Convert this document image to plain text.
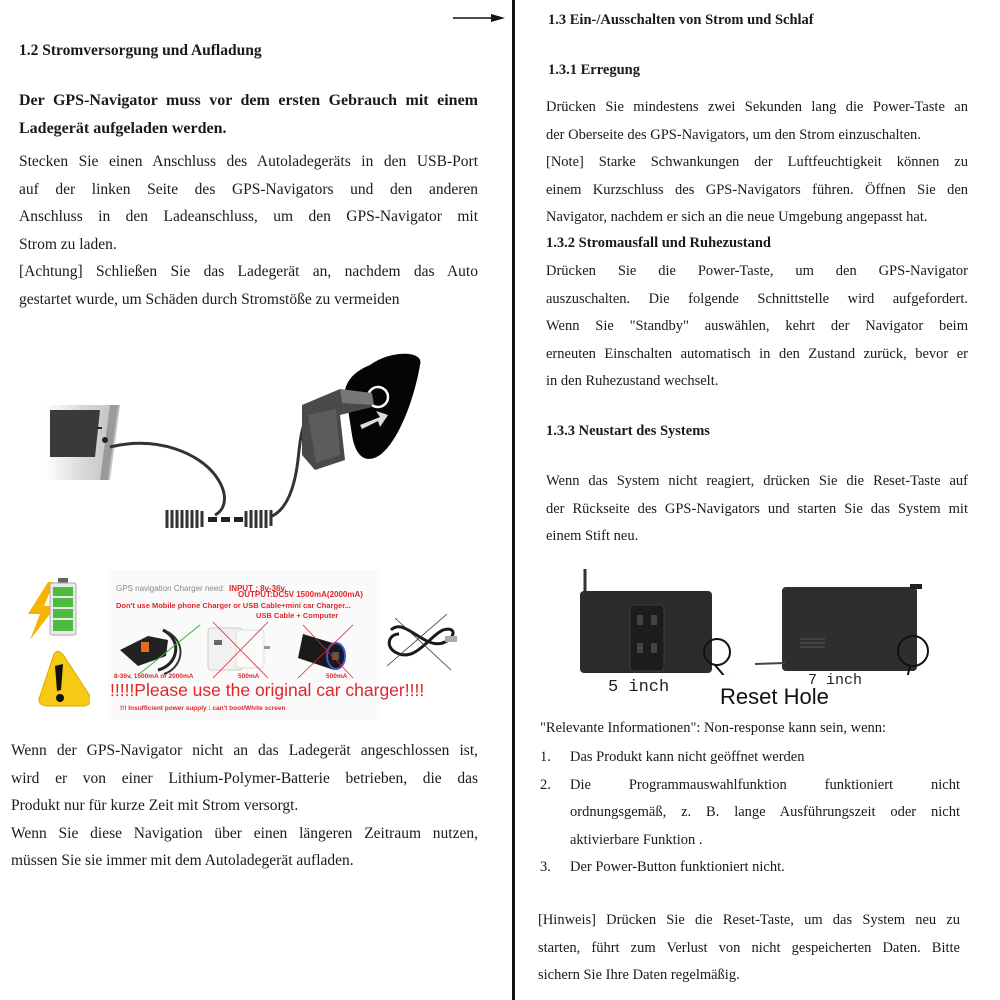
1.2 Stromversorgung und Aufladung
Der GPS-Navigator muss vor dem ersten Gebrauch mit einem
Ladegerät aufgeladen werden.
Stecken Sie einen Anschluss des Autoladegeräts in den USB-Port
auf der linken Seite des GPS-Navigators und den anderen
Anschluss in den Ladeanschluss, um den GPS-Navigator mit
Strom zu laden.
[Achtung] Schließen Sie das Ladegerät an, nachdem das Auto
gestartet wurde, um Schäden durch Stromstöße zu vermeiden
GPS navigation Charger need: INPUT : 8v-36v.
OUTPUT:DC5V 1500mA(2000mA)
Don't use Mobile phone Charger or USB Cable+mini car Charger...
USB Cable + Computer
8-36v, 1500mA or 2000mA	500mA	500mA
!!!!!Please use the original car charger!!!!
!!! Insufficient power supply : can't boot/White screen
Wenn der GPS-Navigator nicht an das Ladegerät angeschlossen ist,
wird er von einer Lithium-Polymer-Batterie betrieben, die das
Produkt nur für kurze Zeit mit Strom versorgt.
Wenn Sie diese Navigation über einen längeren Zeitraum nutzen,
müssen Sie sie immer mit dem Autoladegerät aufladen.
1.3 Ein-/Ausschalten von Strom und Schlaf
1.3.1 Erregung
Drücken Sie mindestens zwei Sekunden lang die Power-Taste an
der Oberseite des GPS-Navigators, um den Strom einzuschalten.
[Note] Starke Schwankungen der Luftfeuchtigkeit können zu
einem Kurzschluss des GPS-Navigators führen. Öffnen Sie den
Navigator, nachdem er sich an die neue Umgebung angepasst hat.
1.3.2 Stromausfall und Ruhezustand
Drücken Sie die Power-Taste, um den GPS-Navigator
auszuschalten. Die folgende Schnittstelle wird aufgefordert.
Wenn Sie "Standby" auswählen, kehrt der Navigator beim
erneuten Einschalten automatisch in den Zustand zurück, bevor er
in den Ruhezustand wechselt.
1.3.3 Neustart des Systems
Wenn das System nicht reagiert, drücken Sie die Reset-Taste auf
der Rückseite des GPS-Navigators und starten Sie das System mit
einem Stift neu.
5 inch	7 inch
Reset Hole
"Relevante Informationen": Non-response kann sein, wenn:
1. Das Produkt kann nicht geöffnet werden
2. Die Programmauswahlfunktion funktioniert nicht
ordnungsgemäß, z. B. lange Ausführungszeit oder nicht
aktivierbare Funktion .
3. Der Power-Button funktioniert nicht.
[Hinweis] Drücken Sie die Reset-Taste, um das System neu zu
starten, führt zum Verlust von nicht gespeicherten Daten. Bitte
sichern Sie Ihre Daten regelmäßig.
